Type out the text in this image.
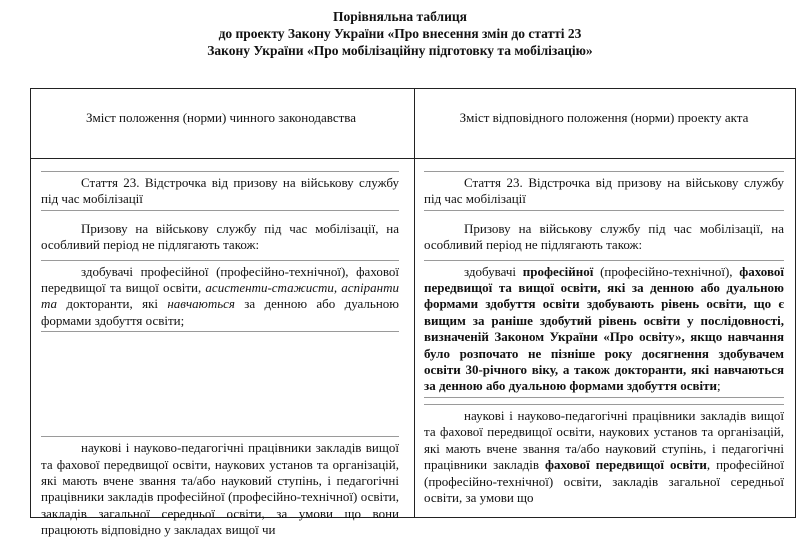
Порівняльна таблиця
до проекту Закону України «Про внесення змін до статті 23
Закону України «Про мобілізаційну підготовку та мобілізацію»
Зміст положення (норми) чинного законодавства	Зміст відповідного положення (норми) проекту акта

Стаття 23. Відстрочка від призову на військову службу під час мобілізації

Призову на військову службу під час мобілізації, на особливий період не підлягають також:

здобувачі професійної (професійно-технічної), фахової передвищої та вищої освіти, асистенти-стажисти, аспіранти та докторанти, які навчаються за денною або дуальною формами здобуття освіти;

наукові і науково-педагогічні працівники закладів вищої та фахової передвищої освіти, наукових установ та організацій, які мають вчене звання та/або науковий ступінь, і педагогічні працівники закладів професійної (професійно-технічної) освіти, закладів загальної середньої освіти, за умови що вони працюють відповідно у закладах вищої чи

Стаття 23. Відстрочка від призову на військову службу під час мобілізації

Призову на військову службу під час мобілізації, на особливий період не підлягають також:

здобувачі професійної (професійно-технічної), фахової передвищої та вищої освіти, які за денною або дуальною формами здобуття освіти здобувають рівень освіти, що є вищим за раніше здобутий рівень освіти у послідовності, визначеній Законом України «Про освіту», якщо навчання було розпочато не пізніше року досягнення здобувачем освіти 30-річного віку, а також докторанти, які навчаються за денною або дуальною формами здобуття освіти;

наукові і науково-педагогічні працівники закладів вищої та фахової передвищої освіти, наукових установ та організацій, які мають вчене звання та/або науковий ступінь, і педагогічні працівники закладів фахової передвищої освіти, професійної (професійно-технічної) освіти, закладів загальної середньої освіти, за умови що
